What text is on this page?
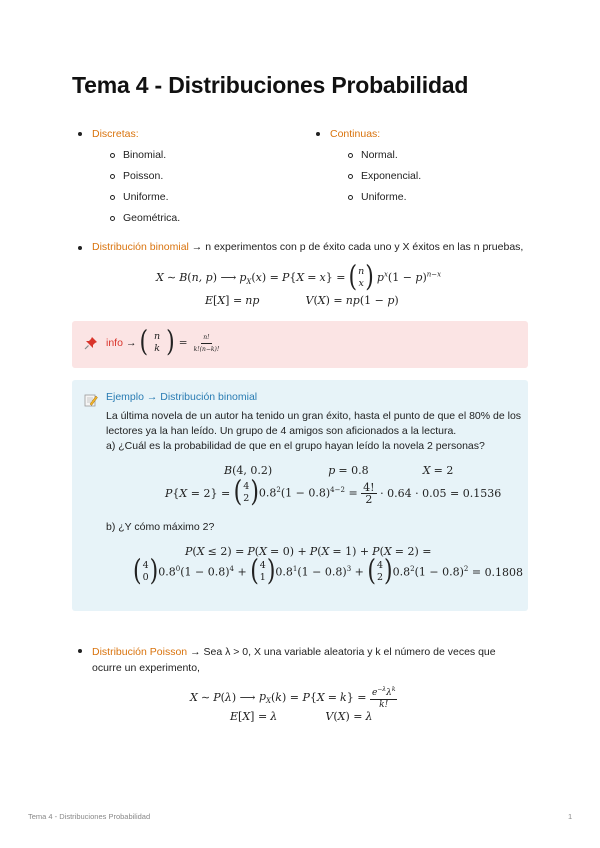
Tema 4 - Distribuciones Probabilidad
Discretas:
Binomial.
Poisson.
Uniforme.
Geométrica.
Continuas:
Normal.
Exponencial.
Uniforme.
Distribución binomial → n experimentos con p de éxito cada uno y X éxitos en las n pruebas,
X ∼ B(n, p) ⟶ $p_X(x) = P\{X = x\}$ = ( n
x ) $p^x(1 - p)^{n-x}$
E[X] = np	V(X) = np(1 − p)
info → ( n
k ) = $\frac{n!}{k!(n-k)!}$
Ejemplo → Distribución binomial
La última novela de un autor ha tenido un gran éxito, hasta el punto de que el 80% de los
lectores ya la han leído. Un grupo de 4 amigos son aficionados a la lectura.
a) ¿Cuál es la probabilidad de que en el grupo hayan leído la novela 2 personas?
B(4, 0.2)	p = 0.8	X = 2
P { X = 2} = ( 4
2 ) $0.8^2(1 - 0.8)^{4-2} = \frac{4!}{2} \cdot 0.64 \cdot 0.05 = 0.1536$
b) ¿Y cómo máximo 2?
P(X ≤ 2) = P(X = 0) + P(X = 1) + P(X = 2) =
( 4
0 ) $0.8^0(1 - 0.8)^4$ + ( 4
1 ) $0.8^1(1 - 0.8)^3$ + ( 4
2 ) $0.8^2(1 - 0.8)^2 = 0.1808$
Distribución Poisson → Sea λ > 0, X una variable aleatoria y k el número de veces que
ocurre un experimento,
X
∼
P ( λ ) ⟶ $p_X$ ( k ) = P { X
=
k } = $\frac{e^{-\lambda}\lambda^k}{k!}$
E[X] = λ	V(X) = λ
Tema 4 - Distribuciones Probabilidad	1
